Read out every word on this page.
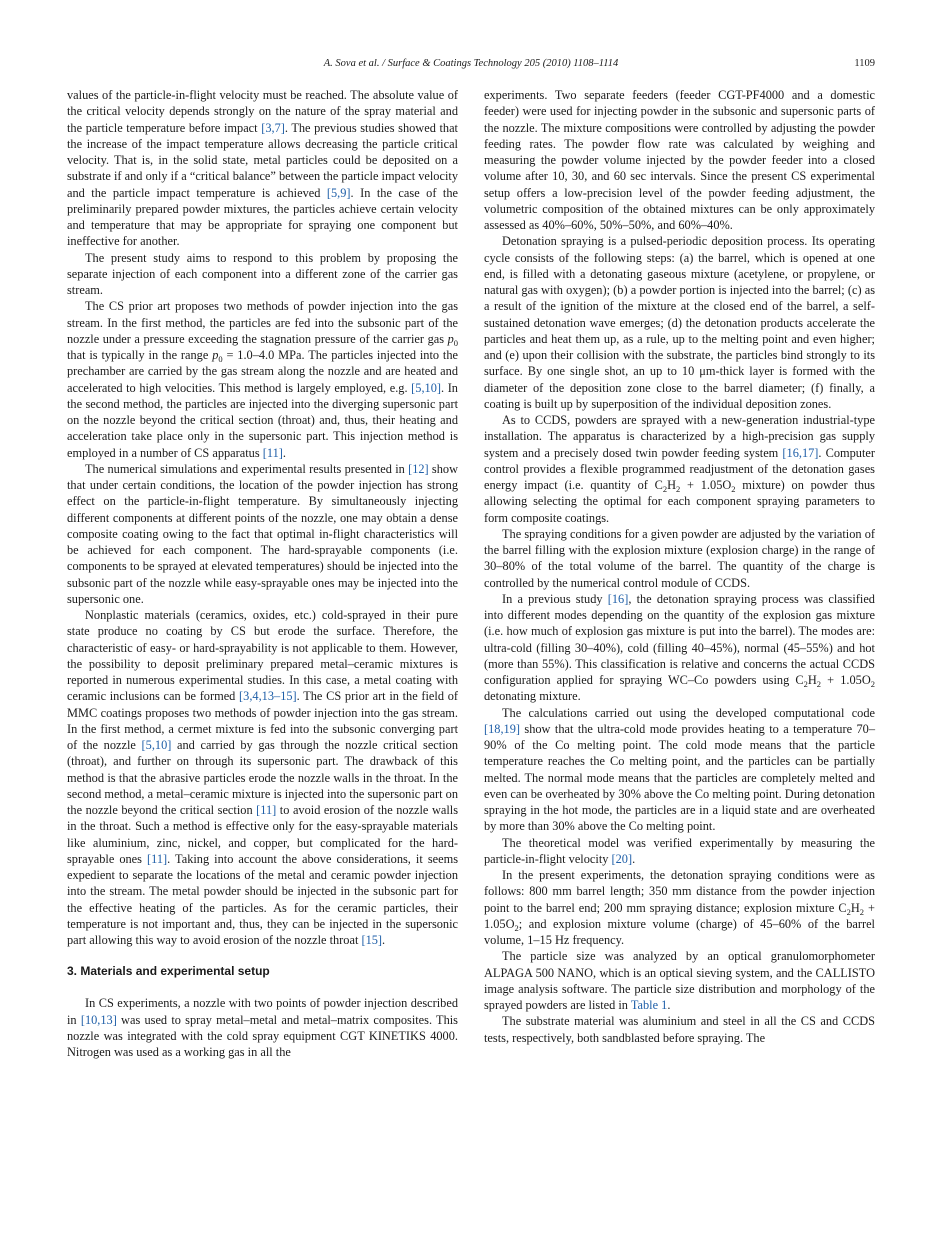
A. Sova et al. / Surface & Coatings Technology 205 (2010) 1108–1114	1109

values of the particle-in-flight velocity must be reached. The absolute value of the critical velocity depends strongly on the nature of the spray material and the particle temperature before impact [3,7]. The previous studies showed that the increase of the impact temperature allows decreasing the particle critical velocity. That is, in the solid state, metal particles could be deposited on a substrate if and only if a “critical balance” between the particle impact velocity and the particle impact temperature is achieved [5,9]. In the case of the preliminarily prepared powder mixtures, the particles achieve certain velocity and temperature that may be appropriate for spraying one component but ineffective for another.

The present study aims to respond to this problem by proposing the separate injection of each component into a different zone of the carrier gas stream.

The CS prior art proposes two methods of powder injection into the gas stream. In the first method, the particles are fed into the subsonic part of the nozzle under a pressure exceeding the stagnation pressure of the carrier gas $p_0$ that is typically in the range $p_0 = 1.0-4.0$ MPa. The particles injected into the prechamber are carried by the gas stream along the nozzle and are heated and accelerated to high velocities. This method is largely employed, e.g. [5,10]. In the second method, the particles are injected into the diverging supersonic part on the nozzle beyond the critical section (throat) and, thus, their heating and acceleration take place only in the supersonic part. This injection method is employed in a number of CS apparatus [11].

The numerical simulations and experimental results presented in [12] show that under certain conditions, the location of the powder injection has strong effect on the particle-in-flight temperature. By simultaneously injecting different components at different points of the nozzle, one may obtain a dense composite coating owing to the fact that optimal in-flight characteristics will be achieved for each component. The hard-sprayable components (i.e. components to be sprayed at elevated temperatures) should be injected into the subsonic part of the nozzle while easy-sprayable ones may be injected into the supersonic one.

Nonplastic materials (ceramics, oxides, etc.) cold-sprayed in their pure state produce no coating by CS but erode the surface. Therefore, the characteristic of easy- or hard-sprayability is not applicable to them. However, the possibility to deposit preliminary prepared metal–ceramic mixtures is reported in numerous experimental studies. In this case, a metal coating with ceramic inclusions can be formed [3,4,13–15]. The CS prior art in the field of MMC coatings proposes two methods of powder injection into the gas stream. In the first method, a cermet mixture is fed into the subsonic converging part of the nozzle [5,10] and carried by gas through the nozzle critical section (throat), and further on through its supersonic part. The drawback of this method is that the abrasive particles erode the nozzle walls in the throat. In the second method, a metal–ceramic mixture is injected into the supersonic part on the nozzle beyond the critical section [11] to avoid erosion of the nozzle walls in the throat. Such a method is effective only for the easy-sprayable materials like aluminium, zinc, nickel, and copper, but complicated for the hard-sprayable ones [11]. Taking into account the above considerations, it seems expedient to separate the locations of the metal and ceramic powder injection into the stream. The metal powder should be injected in the subsonic part for the effective heating of the particles. As for the ceramic particles, their temperature is not important and, thus, they can be injected in the supersonic part allowing this way to avoid erosion of the nozzle throat [15].

3. Materials and experimental setup

In CS experiments, a nozzle with two points of powder injection described in [10,13] was used to spray metal–metal and metal–matrix composites. This nozzle was integrated with the cold spray equipment CGT KINETIKS 4000. Nitrogen was used as a working gas in all the

experiments. Two separate feeders (feeder CGT-PF4000 and a domestic feeder) were used for injecting powder in the subsonic and supersonic parts of the nozzle. The mixture compositions were controlled by adjusting the powder feeding rates. The powder flow rate was calculated by weighing and measuring the powder volume injected by the powder feeder into a closed volume after 10, 30, and 60 sec intervals. Since the present CS experimental setup offers a low-precision level of the powder feeding adjustment, the volumetric composition of the obtained mixtures can be only approximately assessed as 40%–60%, 50%–50%, and 60%–40%.

Detonation spraying is a pulsed-periodic deposition process. Its operating cycle consists of the following steps: (a) the barrel, which is opened at one end, is filled with a detonating gaseous mixture (acetylene, or propylene, or natural gas with oxygen); (b) a powder portion is injected into the barrel; (c) as a result of the ignition of the mixture at the closed end of the barrel, a self-sustained detonation wave emerges; (d) the detonation products accelerate the particles and heat them up, as a rule, up to the melting point and even higher; and (e) upon their collision with the substrate, the particles bind strongly to its surface. By one single shot, an up to 10 μm-thick layer is formed with the diameter of the deposition zone close to the barrel diameter; (f) finally, a coating is built up by superposition of the individual deposition zones.

As to CCDS, powders are sprayed with a new-generation industrial-type installation. The apparatus is characterized by a high-precision gas supply system and a precisely dosed twin powder feeding system [16,17]. Computer control provides a flexible programmed readjustment of the detonation gases energy impact (i.e. quantity of $C_2H_2 + 1.05O_2$ mixture) on powder thus allowing selecting the optimal for each component spraying parameters to form composite coatings.

The spraying conditions for a given powder are adjusted by the variation of the barrel filling with the explosion mixture (explosion charge) in the range of 30–80% of the total volume of the barrel. The quantity of the charge is controlled by the numerical control module of CCDS.

In a previous study [16], the detonation spraying process was classified into different modes depending on the quantity of the explosion gas mixture (i.e. how much of explosion gas mixture is put into the barrel). The modes are: ultra-cold (filling 30–40%), cold (filling 40–45%), normal (45–55%) and hot (more than 55%). This classification is relative and concerns the actual CCDS configuration applied for spraying WC–Co powders using $C_2H_2 + 1.05O_2$ detonating mixture.

The calculations carried out using the developed computational code [18,19] show that the ultra-cold mode provides heating to a temperature 70–90% of the Co melting point. The cold mode means that the particle temperature reaches the Co melting point, and the particles can be partially melted. The normal mode means that the particles are completely melted and even can be overheated by 30% above the Co melting point. During detonation spraying in the hot mode, the particles are in a liquid state and are overheated by more than 30% above the Co melting point.

The theoretical model was verified experimentally by measuring the particle-in-flight velocity [20].

In the present experiments, the detonation spraying conditions were as follows: 800 mm barrel length; 350 mm distance from the powder injection point to the barrel end; 200 mm spraying distance; explosion mixture $C_2H_2 + 1.05O_2$; and explosion mixture volume (charge) of 45–60% of the barrel volume, 1–15 Hz frequency.

The particle size was analyzed by an optical granulomorphometer ALPAGA 500 NANO, which is an optical sieving system, and the CALLISTO image analysis software. The particle size distribution and morphology of the sprayed powders are listed in Table 1.

The substrate material was aluminium and steel in all the CS and CCDS tests, respectively, both sandblasted before spraying. The
